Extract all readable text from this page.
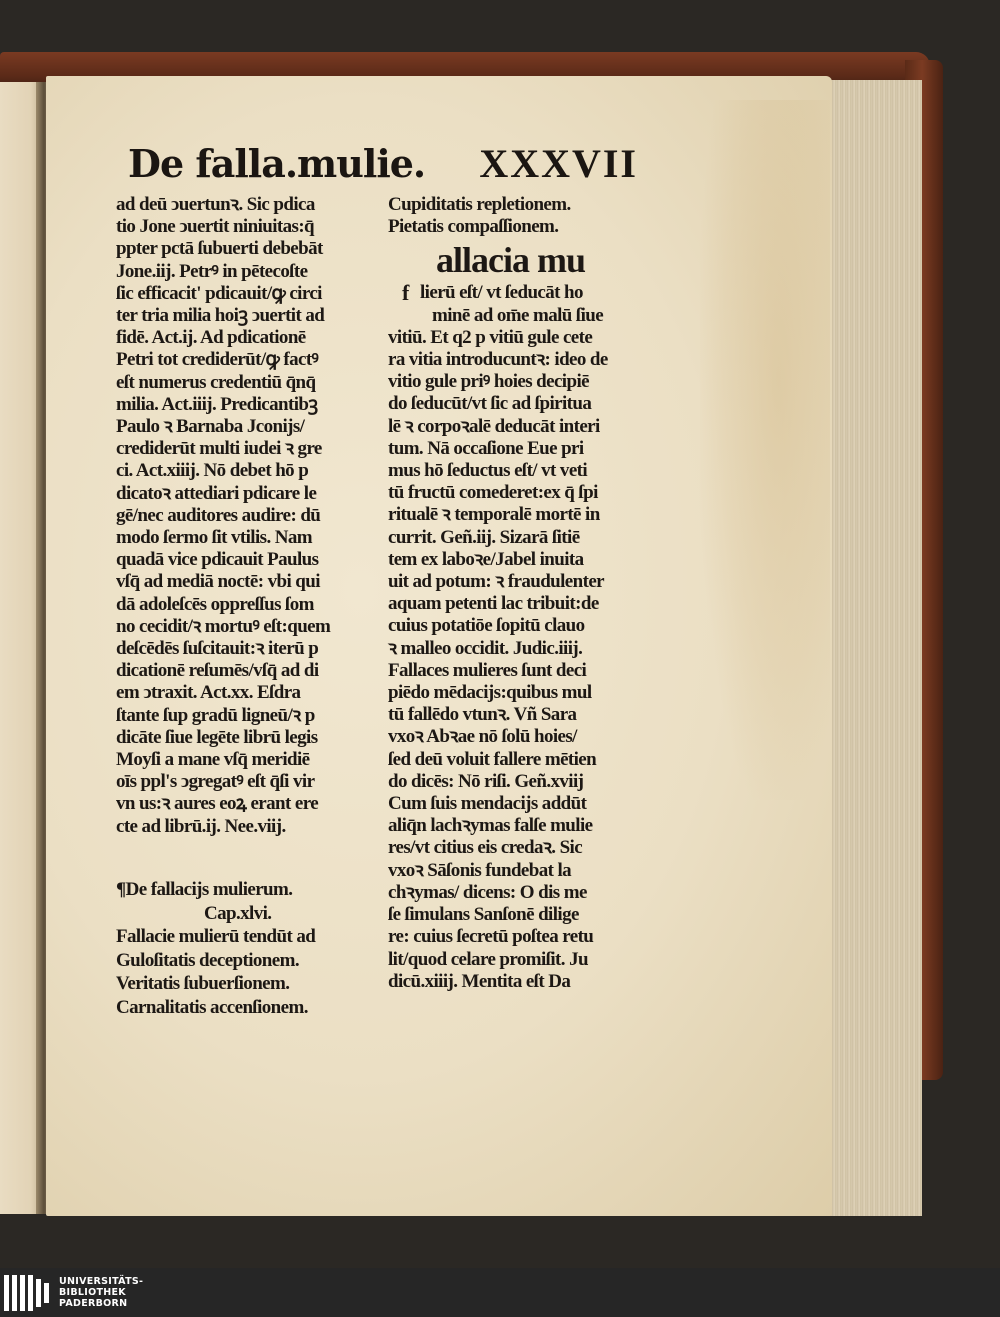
De falla.mulie. XXXVII
ad deū ↄuertunꝛ. Sic pdica
tio Jone ↄuertit niniuitas:q̄
ppter pctā ſubuerti debebāt
Jone.iij. Petrꝰ in pētecoſte
ſic efficacit' pdicauit/ꝙ circi
ter tria milia hoiꝫ ↄuertit ad
fidē. Act.ij. Ad pdicationē
Petri tot crediderūt/ꝙ factꝰ
eſt numerus credentiū q̄nq̄
milia. Act.iiij. Predicantibꝫ
Paulo ꝛ Barnaba Jconijs/
crediderūt multi iudei ꝛ gre
ci. Act.xiiij. Nō debet hō p
dicatoꝛ attediari pdicare le
gē/nec auditores audire: dū
modo ſermo ſit vtilis. Nam
quadā vice pdicauit Paulus
vſq̄ ad mediā noctē: vbi qui
dā adoleſcēs oppreſſus ſom
no cecidit/ꝛ mortuꝰ eſt:quem
deſcēdēs ſuſcitauit:ꝛ iterū p
dicationē reſumēs/vſq̄ ad di
em ↄtraxit. Act.xx. Eſdra
ſtante ſup gradū ligneū/ꝛ p
dicāte ſiue legēte librū legis
Moyſi a mane vſq̄ meridiē
oīs ppl's ↄgregatꝰ eſt q̄ſi vir
vn us:ꝛ aures eoꝝ erant ere
cte ad librū.ij. Nee.viij.
¶De fallacijs mulierum.
Cap.xlvi.
Fallacie mulierū tendūt ad
Guloſitatis deceptionem.
Veritatis ſubuerſionem.
Carnalitatis accenſionem.
Cupiditatis repletionem.
Pietatis compaſſionem.
allacia mu
f lierū eſt/ vt ſeducāt ho
minē ad om̄e malū ſiue
vitiū. Et q2 p vitiū gule cete
ra vitia introducuntꝛ: ideo de
vitio gule priꝰ hoies decipiē
do ſeducūt/vt ſic ad ſpiritua
lē ꝛ corpoꝛalē deducāt interi
tum. Nā occaſione Eue pri
mus hō ſeductus eſt/ vt veti
tū fructū comederet:ex q̄ ſpi
ritualē ꝛ temporalē mortē in
currit. Geñ.iij. Sizarā ſitiē
tem ex laboꝛe/Jabel inuita
uit ad potum: ꝛ fraudulenter
aquam petenti lac tribuit:de
cuius potatiōe ſopitū clauo
ꝛ malleo occidit. Judic.iiij.
Fallaces mulieres ſunt deci
piēdo mēdacijs:quibus mul
tū fallēdo vtunꝛ. Vñ Sara
vxoꝛ Abꝛae nō ſolū hoies/
ſed deū voluit fallere mētien
do dicēs: Nō riſi. Geñ.xviij
Cum ſuis mendacijs addūt
aliq̄n lachꝛymas falſe mulie
res/vt citius eis credaꝛ. Sic
vxoꝛ Sāſonis fundebat la
chꝛymas/ dicens: O dis me
ſe ſimulans Sanſonē dilige
re: cuius ſecretū poſtea retu
lit/quod celare promiſit. Ju
dicū.xiiij. Mentita eſt Da
UNIVERSITÄTS-
BIBLIOTHEK
PADERBORN
